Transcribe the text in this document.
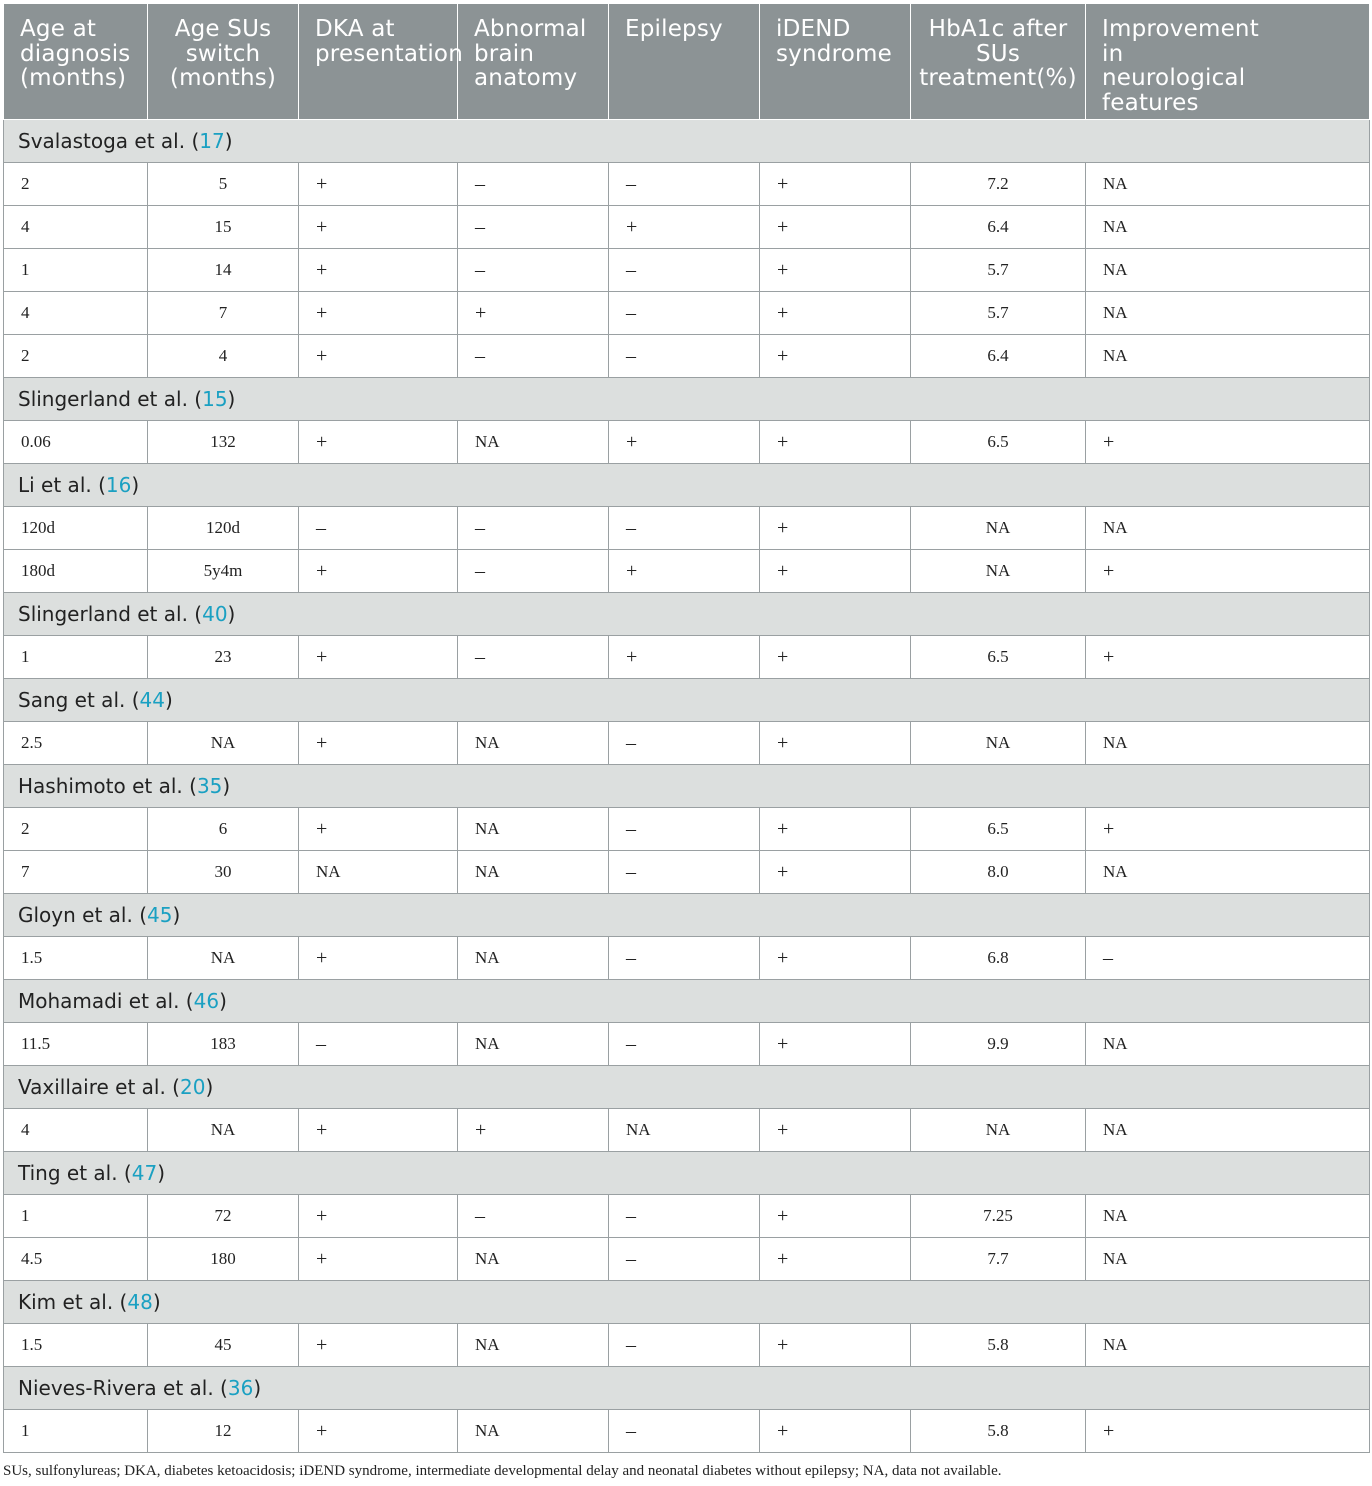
Age at diagnosis (months)	Age SUs switch (months)	DKA at presentation	Abnormal brain anatomy	Epilepsy	iDEND syndrome	HbA1c after SUs treatment(%)	Improvement in neurological features
Svalastoga et al. (17)							
2	5	+	–	–	+	7.2	NA
4	15	+	–	+	+	6.4	NA
1	14	+	–	–	+	5.7	NA
4	7	+	+	–	+	5.7	NA
2	4	+	–	–	+	6.4	NA
Slingerland et al. (15)							
0.06	132	+	NA	+	+	6.5	+
Li et al. (16)							
120d	120d	–	–	–	+	NA	NA
180d	5y4m	+	–	+	+	NA	+
Slingerland et al. (40)							
1	23	+	–	+	+	6.5	+
Sang et al. (44)							
2.5	NA	+	NA	–	+	NA	NA
Hashimoto et al. (35)							
2	6	+	NA	–	+	6.5	+
7	30	NA	NA	–	+	8.0	NA
Gloyn et al. (45)							
1.5	NA	+	NA	–	+	6.8	–
Mohamadi et al. (46)							
11.5	183	–	NA	–	+	9.9	NA
Vaxillaire et al. (20)							
4	NA	+	+	NA	+	NA	NA
Ting et al. (47)							
1	72	+	–	–	+	7.25	NA
4.5	180	+	NA	–	+	7.7	NA
Kim et al. (48)							
1.5	45	+	NA	–	+	5.8	NA
Nieves-Rivera et al. (36)							
1	12	+	NA	–	+	5.8	+
SUs, sulfonylureas; DKA, diabetes ketoacidosis; iDEND syndrome, intermediate developmental delay and neonatal diabetes without epilepsy; NA, data not available.
